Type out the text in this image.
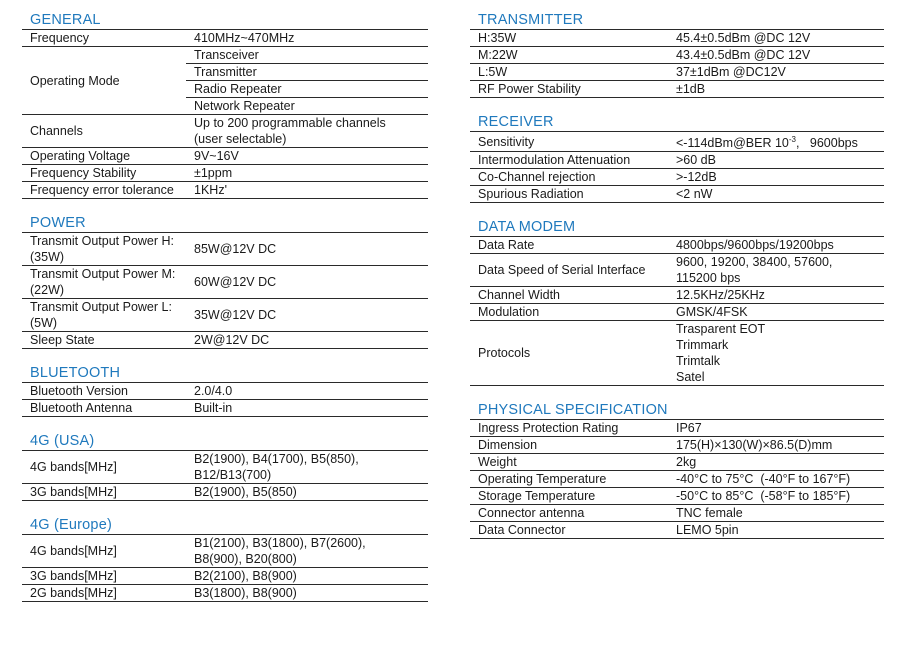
GENERAL
Frequency	410MHz~470MHz

Operating Mode	Transceiver
Transmitter
Radio Repeater
Network Repeater

Channels	Up to 200 programmable channels
(user selectable)

Operating Voltage	9V~16V

Frequency Stability	±1ppm

Frequency error tolerance	1KHz'
POWER
Transmit Output Power H: (35W)	85W@12V DC

Transmit Output Power M: (22W)	60W@12V DC

Transmit Output Power L: (5W)	35W@12V DC

Sleep State	2W@12V DC
BLUETOOTH
Bluetooth Version	2.0/4.0

Bluetooth Antenna	Built-in
4G (USA)
4G bands[MHz]	B2(1900), B4(1700), B5(850),
B12/B13(700)

3G bands[MHz]	B2(1900), B5(850)
4G (Europe)
4G bands[MHz]	B1(2100), B3(1800), B7(2600),
B8(900), B20(800)

3G bands[MHz]	B2(2100), B8(900)

2G bands[MHz]	B3(1800), B8(900)
TRANSMITTER
H:35W	45.4±0.5dBm @DC 12V

M:22W	43.4±0.5dBm @DC 12V

L:5W	37±1dBm @DC12V

RF Power Stability	±1dB
RECEIVER
Sensitivity	<-114dBm@BER $10^{-3}$,   9600bps
Intermodulation Attenuation	>60 dB

Co-Channel rejection	>-12dB

Spurious Radiation	<2 nW
DATA MODEM
Data Rate	4800bps/9600bps/19200bps

Data Speed of Serial Interface	9600, 19200, 38400, 57600,
115200 bps

Channel Width	12.5KHz/25KHz

Modulation	GMSK/4FSK

Protocols	Trasparent EOT
Trimmark
Trimtalk
Satel
PHYSICAL SPECIFICATION
Ingress Protection Rating	IP67

Dimension	175(H)×130(W)×86.5(D)mm

Weight	2kg

Operating Temperature	-40°C to 75°C  (-40°F to 167°F)

Storage Temperature	-50°C to 85°C  (-58°F to 185°F)

Connector antenna	TNC female

Data Connector	LEMO 5pin
